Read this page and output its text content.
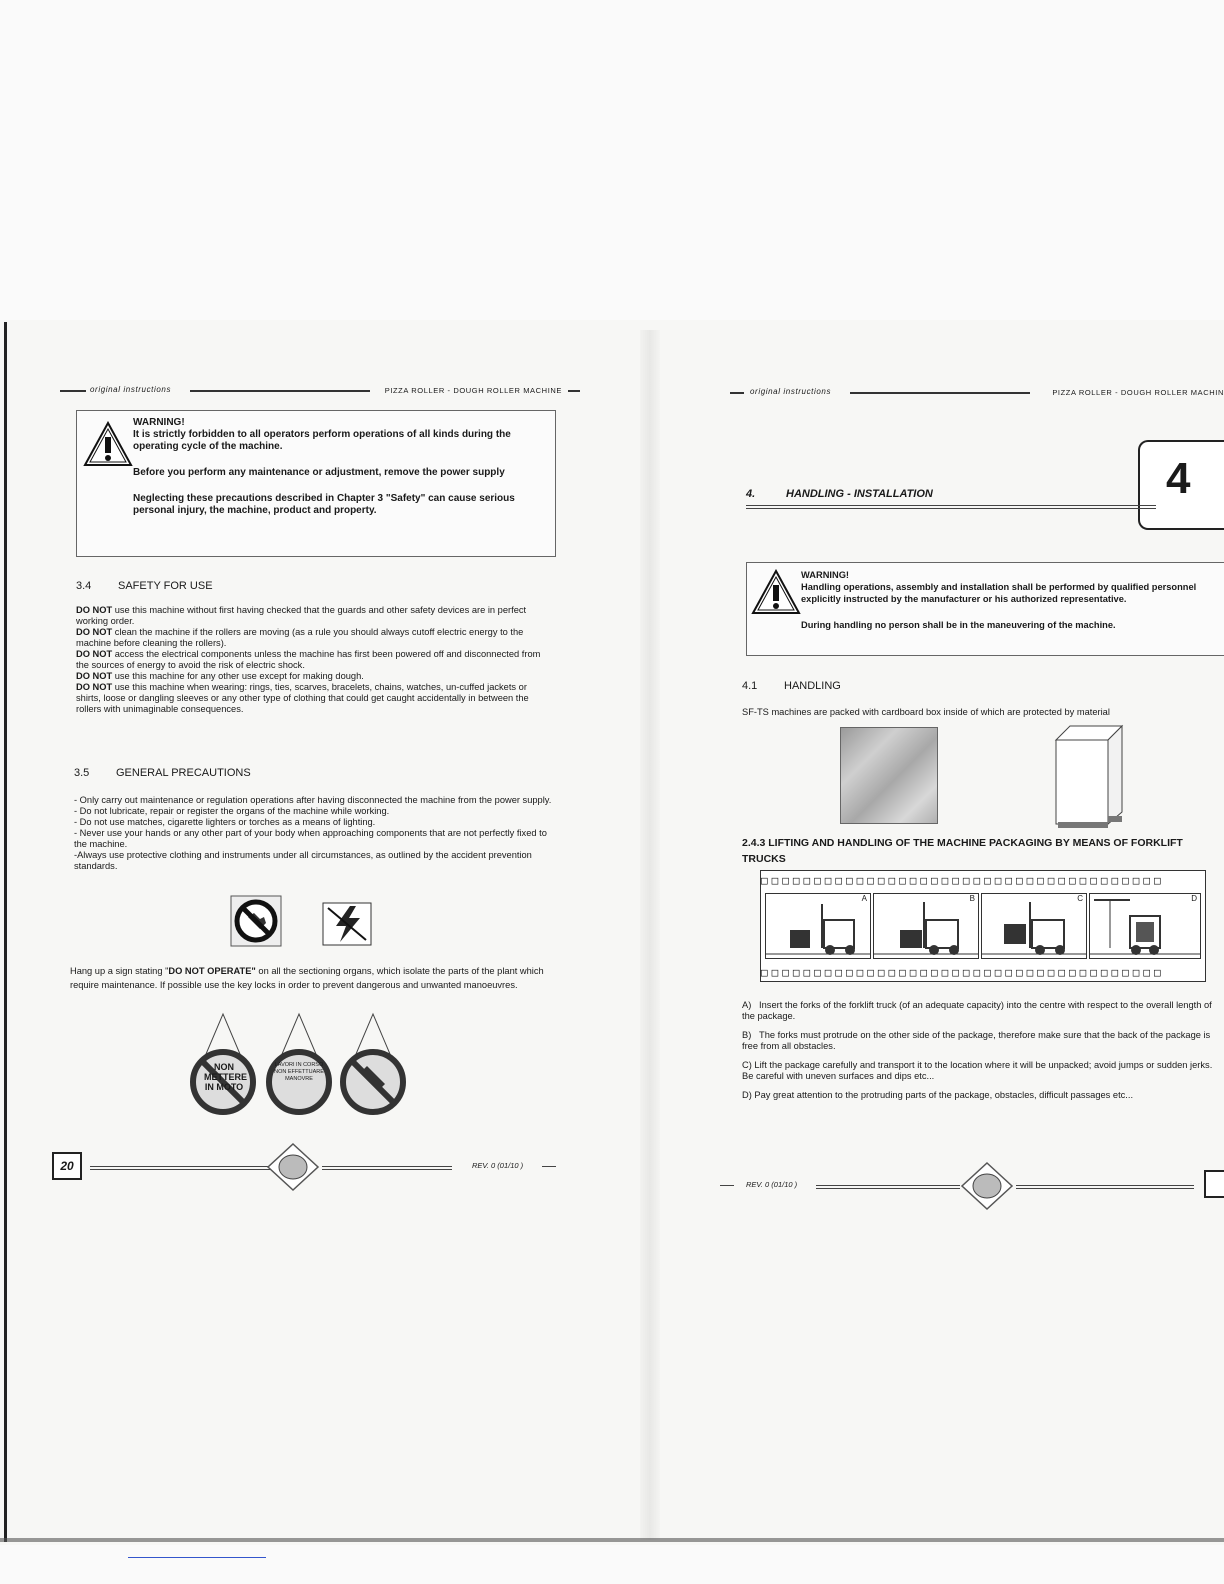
original instructions	PIZZA ROLLER - DOUGH ROLLER MACHINE

WARNING!

It is strictly forbidden to all operators perform operations of all kinds during the operating cycle of the machine.

Before you perform any maintenance or adjustment, remove the power supply

Neglecting these precautions described in Chapter 3 "Safety" can cause serious personal injury, the machine, product and property.

3.4 SAFETY FOR USE

DO NOT use this machine without first having checked that the guards and other safety devices are in perfect working order.

DO NOT clean the machine if the rollers are moving (as a rule you should always cutoff electric energy to the machine before cleaning the rollers).

DO NOT access the electrical components unless the machine has first been powered off and disconnected from the sources of energy to avoid the risk of electric shock.

DO NOT use this machine for any other use except for making dough.

DO NOT use this machine when wearing: rings, ties, scarves, bracelets, chains, watches, un-cuffed jackets or shirts, loose or dangling sleeves or any other type of clothing that could get caught accidentally in between the rollers with unimaginable consequences.

3.5 GENERAL PRECAUTIONS

- Only carry out maintenance or regulation operations after having disconnected the machine from the power supply.

- Do not lubricate, repair or register the organs of the machine while working.

- Do not use matches, cigarette lighters or torches as a means of lighting.

- Never use your hands or any other part of your body when approaching components that are not perfectly fixed to the machine.

-Always use protective clothing and instruments under all circumstances, as outlined by the accident prevention standards.

Hang up a sign stating "DO NOT OPERATE" on all the sectioning organs, which isolate the parts of the plant which require maintenance. If possible use the key locks in order to prevent dangerous and unwanted manoeuvres.

NON METTERE IN MOTO
LAVORI IN CORSO
NON EFFETTUARE MANOVRE
20	REV. 0 (01/10 )
original instructions	PIZZA ROLLER - DOUGH ROLLER MACHIN
4
4.	HANDLING - INSTALLATION

WARNING!

Handling operations, assembly and installation shall be performed by qualified personnel explicitly instructed by the manufacturer or his authorized representative.

During handling no person shall be in the maneuvering of the machine.

4.1 HANDLING
SF-TS machines are packed with cardboard box inside of which are protected by material
2.4.3 LIFTING AND HANDLING OF THE MACHINE PACKAGING BY MEANS OF FORKLIFT TRUCKS
□□□□□□□□□□□□□□□□□□□□□□□□□□□□□□□□□□□□□□
□□□□□□□□□□□□□□□□□□□□□□□□□□□□□□□□□□□□□□
A	B	C	D

A) Insert the forks of the forklift truck (of an adequate capacity) into the centre with respect to the overall length of the package.

B) The forks must protrude on the other side of the package, therefore make sure that the back of the package is free from all obstacles.

C) Lift the package carefully and transport it to the location where it will be unpacked; avoid jumps or sudden jerks. Be careful with uneven surfaces and dips etc...

D) Pay great attention to the protruding parts of the package, obstacles, difficult passages etc...

REV. 0 (01/10 )
